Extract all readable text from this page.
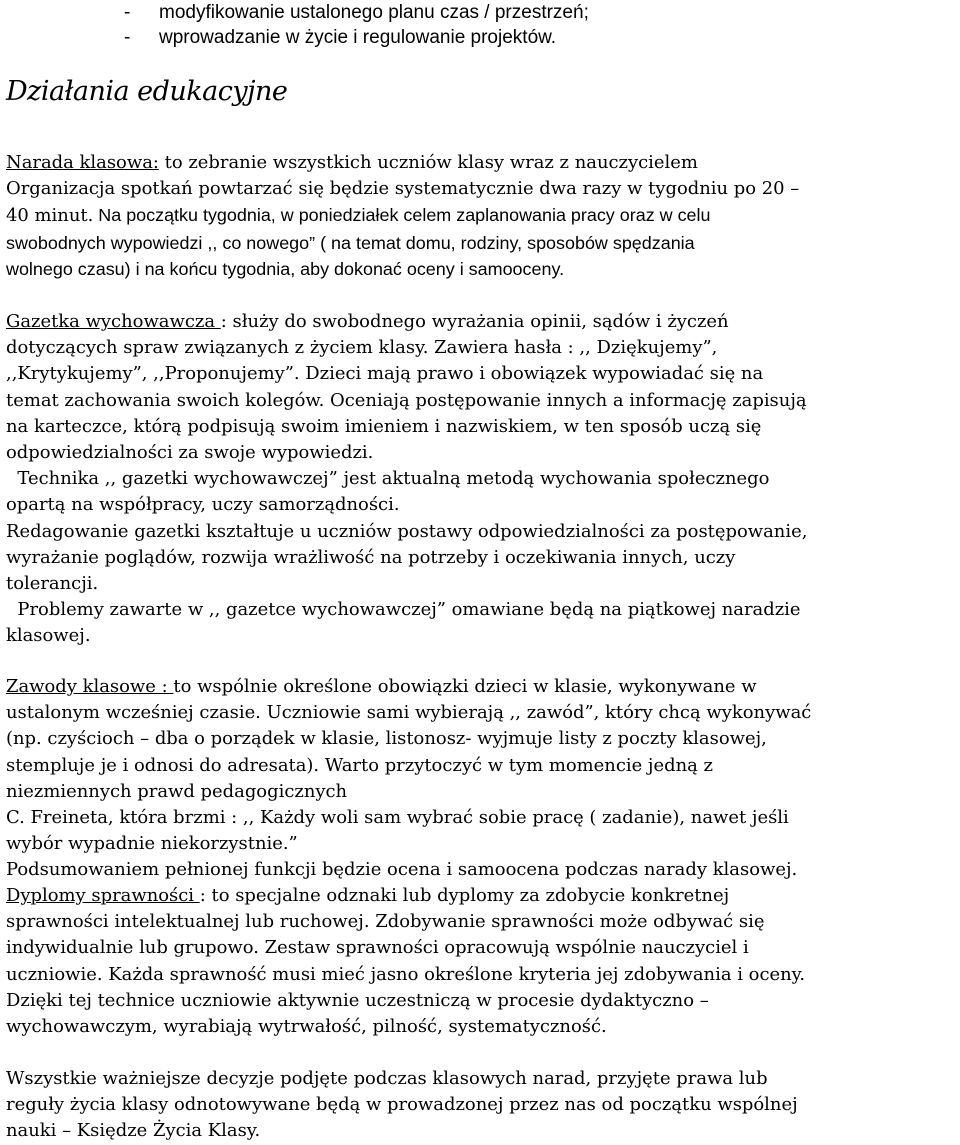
- modyfikowanie ustalonego planu czas / przestrzeń;
- wprowadzanie w życie i regulowanie projektów.
Działania edukacyjne
Narada klasowa: to zebranie wszystkich uczniów klasy wraz z nauczycielem
Organizacja spotkań powtarzać się będzie systematycznie dwa razy w tygodniu po 20 –
40 minut. Na początku tygodnia, w poniedziałek celem zaplanowania pracy oraz w celu
swobodnych wypowiedzi ,, co nowego” ( na temat domu, rodziny, sposobów spędzania
wolnego czasu) i na końcu tygodnia, aby dokonać oceny i samooceny.
Gazetka wychowawcza : służy do swobodnego wyrażania opinii, sądów i życzeń
dotyczących spraw związanych z życiem klasy. Zawiera hasła : ,, Dziękujemy”,
,,Krytykujemy”, ,,Proponujemy”. Dzieci mają prawo i obowiązek wypowiadać się na
temat zachowania swoich kolegów. Oceniają postępowanie innych a informację zapisują
na karteczce, którą podpisują swoim imieniem i nazwiskiem, w ten sposób uczą się
odpowiedzialności za swoje wypowiedzi.
Technika ,, gazetki wychowawczej” jest aktualną metodą wychowania społecznego
opartą na współpracy, uczy samorządności.
Redagowanie gazetki kształtuje u uczniów postawy odpowiedzialności za postępowanie,
wyrażanie poglądów, rozwija wrażliwość na potrzeby i oczekiwania innych, uczy
tolerancji.
Problemy zawarte w ,, gazetce wychowawczej” omawiane będą na piątkowej naradzie
klasowej.
Zawody klasowe : to wspólnie określone obowiązki dzieci w klasie, wykonywane w
ustalonym wcześniej czasie. Uczniowie sami wybierają ,, zawód”, który chcą wykonywać
(np. czyścioch – dba o porządek w klasie, listonosz- wyjmuje listy z poczty klasowej,
stempluje je i odnosi do adresata). Warto przytoczyć w tym momencie jedną z
niezmiennych prawd pedagogicznych
C. Freineta, która brzmi : ,, Każdy woli sam wybrać sobie pracę ( zadanie), nawet jeśli
wybór wypadnie niekorzystnie.”
Podsumowaniem pełnionej funkcji będzie ocena i samoocena podczas narady klasowej.
Dyplomy sprawności : to specjalne odznaki lub dyplomy za zdobycie konkretnej
sprawności intelektualnej lub ruchowej. Zdobywanie sprawności może odbywać się
indywidualnie lub grupowo. Zestaw sprawności opracowują wspólnie nauczyciel i
uczniowie. Każda sprawność musi mieć jasno określone kryteria jej zdobywania i oceny.
Dzięki tej technice uczniowie aktywnie uczestniczą w procesie dydaktyczno –
wychowawczym, wyrabiają wytrwałość, pilność, systematyczność.
Wszystkie ważniejsze decyzje podjęte podczas klasowych narad, przyjęte prawa lub
reguły życia klasy odnotowywane będą w prowadzonej przez nas od początku wspólnej
nauki – Księdze Życia Klasy.
